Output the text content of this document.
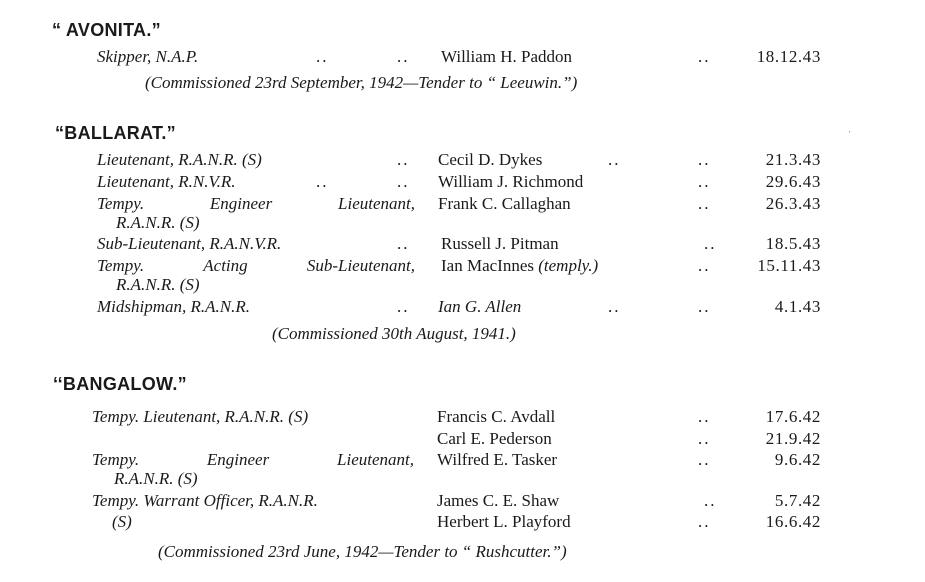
“ AVONITA.”
Skipper, N.A.P.	..	.. William H. Paddon	..	18.12.43
(Commissioned 23rd September, 1942—Tender to “ Leeuwin.”)
“BALLARAT.”
Lieutenant, R.A.N.R. (S)	.. Cecil D. Dykes	..	..	21.3.43
Lieutenant, R.N.V.R.	..	.. William J. Richmond	..	29.6.43
Tempy.	Engineer	Lieutenant, Frank C. Callaghan	..	26.3.43
R.A.N.R. (S)
Sub-Lieutenant, R.A.N.V.R.	.. Russell J. Pitman	..	18.5.43
Tempy.	Acting	Sub-Lieutenant, Ian MacInnes (temply.)	..	15.11.43
R.A.N.R. (S)
Midshipman, R.A.N.R.	.. Ian G. Allen	..	..	4.1.43
(Commissioned 30th August, 1941.)
‘‘BANGALOW.”
Tempy. Lieutenant, R.A.N.R. (S)	Francis C. Avdall	..	17.6.42
Carl E. Pederson	..	21.9.42
Tempy.	Engineer	Lieutenant, Wilfred E. Tasker	..	9.6.42
R.A.N.R. (S)
Tempy. Warrant Officer, R.A.N.R.	James C. E. Shaw	..	5.7.42
(S)	Herbert L. Playford	..	16.6.42
(Commissioned 23rd June, 1942—Tender to “ Rushcutter.”)
ˈ
